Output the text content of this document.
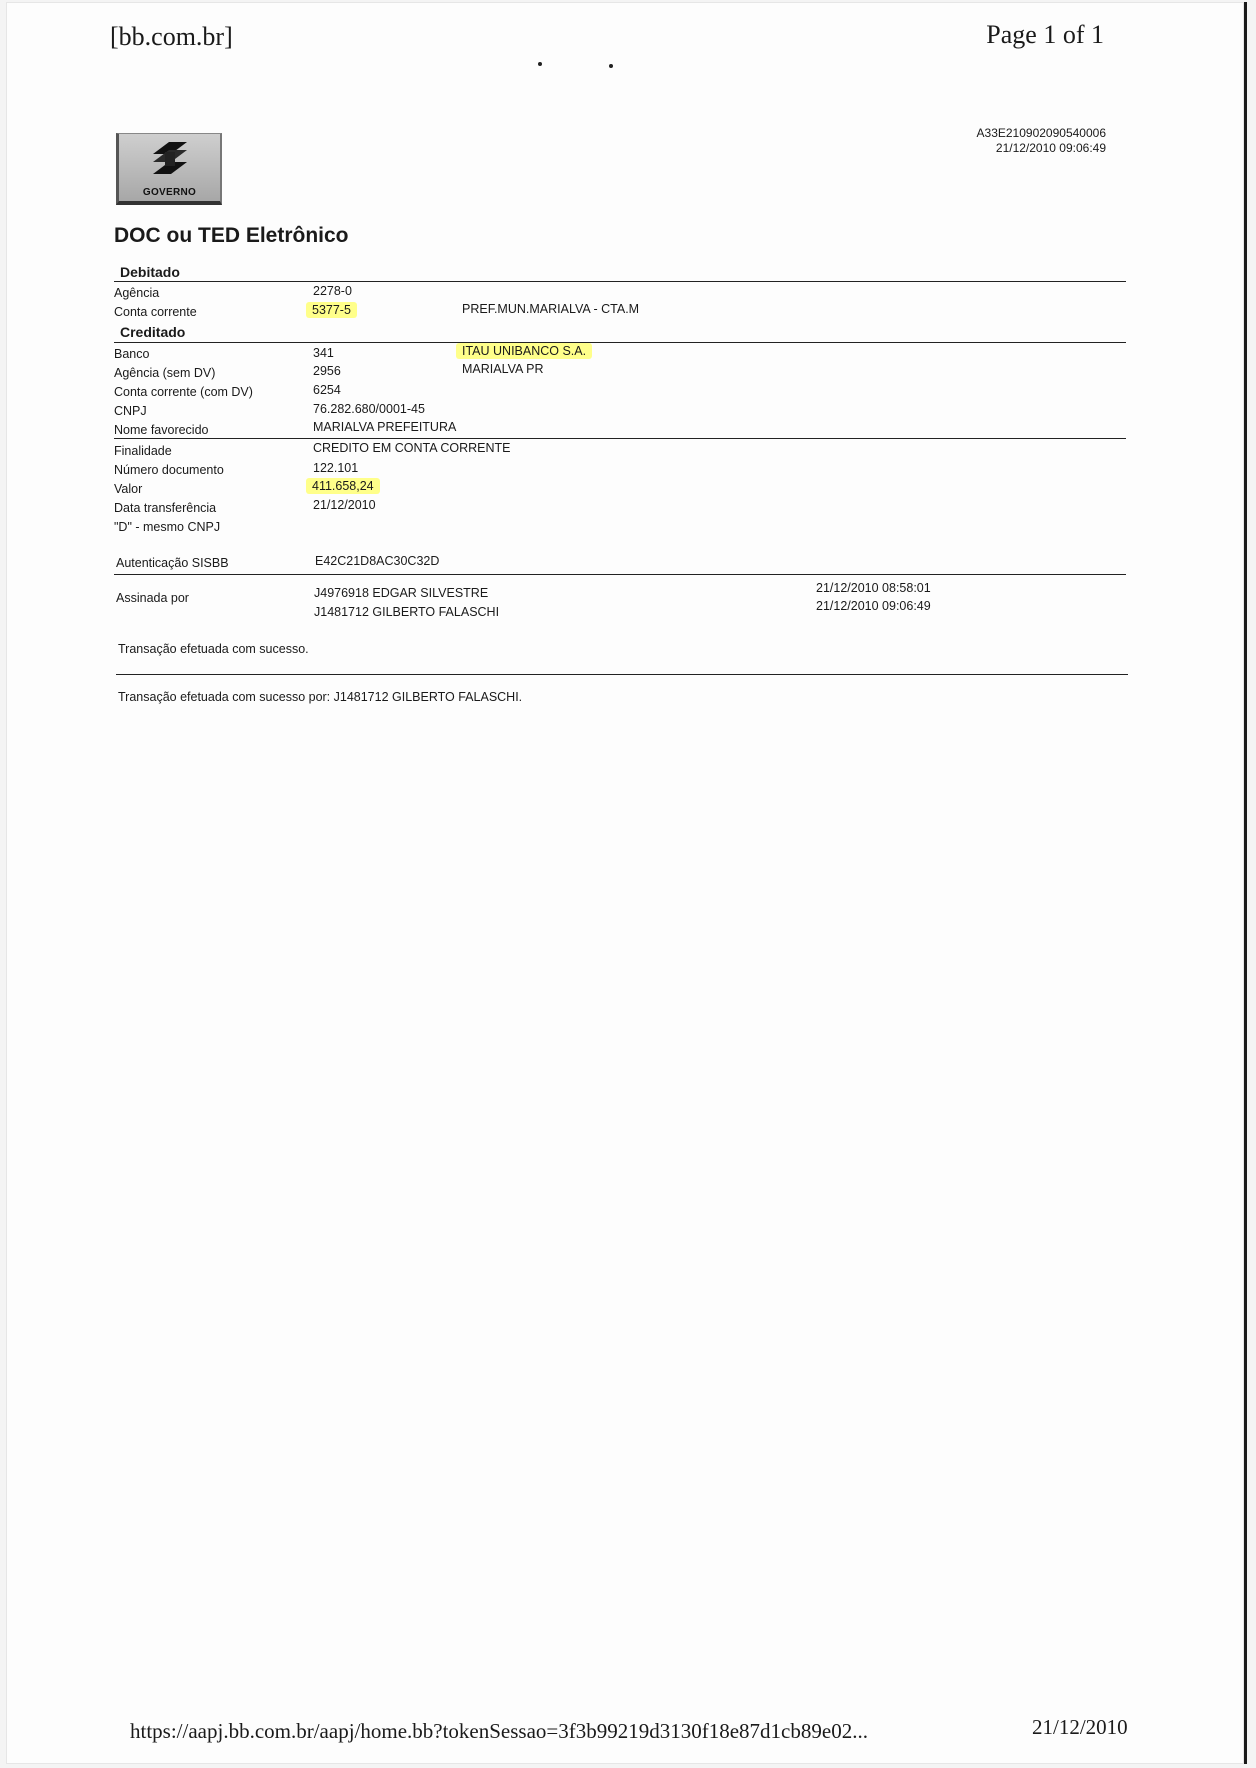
[bb.com.br]	Page 1 of 1
GOVERNO
A33E210902090540006
21/12/2010 09:06:49
DOC ou TED Eletrônico
Debitado
Agência	2278-0
Conta corrente	5377-5	PREF.MUN.MARIALVA - CTA.M
Creditado
Banco	341	ITAU UNIBANCO S.A.
Agência (sem DV)	2956	MARIALVA PR
Conta corrente (com DV)	6254
CNPJ	76.282.680/0001-45
Nome favorecido	MARIALVA PREFEITURA
Finalidade	CREDITO EM CONTA CORRENTE
Número documento	122.101
Valor	411.658,24
Data transferência	21/12/2010
"D" - mesmo CNPJ
Autenticação SISBB	E42C21D8AC30C32D
Assinada por	J4976918 EDGAR SILVESTRE	21/12/2010 08:58:01
J1481712 GILBERTO FALASCHI	21/12/2010 09:06:49
Transação efetuada com sucesso.
Transação efetuada com sucesso por: J1481712 GILBERTO FALASCHI.
https://aapj.bb.com.br/aapj/home.bb?tokenSessao=3f3b99219d3130f18e87d1cb89e02...	21/12/2010
